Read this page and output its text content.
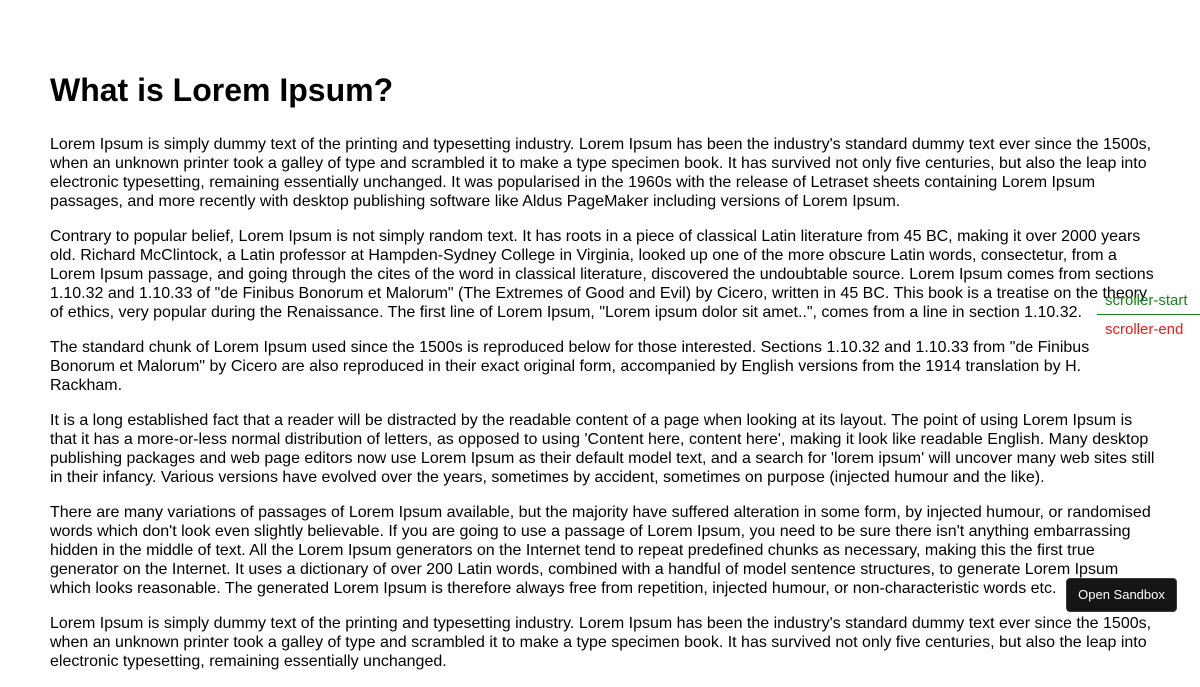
What is Lorem Ipsum?

Lorem Ipsum is simply dummy text of the printing and typesetting industry. Lorem Ipsum has been the industry's standard dummy text ever since the 1500s, when an unknown printer took a galley of type and scrambled it to make a type specimen book. It has survived not only five centuries, but also the leap into electronic typesetting, remaining essentially unchanged. It was popularised in the 1960s with the release of Letraset sheets containing Lorem Ipsum passages, and more recently with desktop publishing software like Aldus PageMaker including versions of Lorem Ipsum.

Contrary to popular belief, Lorem Ipsum is not simply random text. It has roots in a piece of classical Latin literature from 45 BC, making it over 2000 years old. Richard McClintock, a Latin professor at Hampden-Sydney College in Virginia, looked up one of the more obscure Latin words, consectetur, from a Lorem Ipsum passage, and going through the cites of the word in classical literature, discovered the undoubtable source. Lorem Ipsum comes from sections 1.10.32 and 1.10.33 of "de Finibus Bonorum et Malorum" (The Extremes of Good and Evil) by Cicero, written in 45 BC. This book is a treatise on the theory of ethics, very popular during the Renaissance. The first line of Lorem Ipsum, "Lorem ipsum dolor sit amet..", comes from a line in section 1.10.32.

The standard chunk of Lorem Ipsum used since the 1500s is reproduced below for those interested. Sections 1.10.32 and 1.10.33 from "de Finibus Bonorum et Malorum" by Cicero are also reproduced in their exact original form, accompanied by English versions from the 1914 translation by H. Rackham.

It is a long established fact that a reader will be distracted by the readable content of a page when looking at its layout. The point of using Lorem Ipsum is that it has a more-or-less normal distribution of letters, as opposed to using 'Content here, content here', making it look like readable English. Many desktop publishing packages and web page editors now use Lorem Ipsum as their default model text, and a search for 'lorem ipsum' will uncover many web sites still in their infancy. Various versions have evolved over the years, sometimes by accident, sometimes on purpose (injected humour and the like).

There are many variations of passages of Lorem Ipsum available, but the majority have suffered alteration in some form, by injected humour, or randomised words which don't look even slightly believable. If you are going to use a passage of Lorem Ipsum, you need to be sure there isn't anything embarrassing hidden in the middle of text. All the Lorem Ipsum generators on the Internet tend to repeat predefined chunks as necessary, making this the first true generator on the Internet. It uses a dictionary of over 200 Latin words, combined with a handful of model sentence structures, to generate Lorem Ipsum which looks reasonable. The generated Lorem Ipsum is therefore always free from repetition, injected humour, or non-characteristic words etc.

Lorem Ipsum is simply dummy text of the printing and typesetting industry. Lorem Ipsum has been the industry's standard dummy text ever since the 1500s, when an unknown printer took a galley of type and scrambled it to make a type specimen book. It has survived not only five centuries, but also the leap into electronic typesetting, remaining essentially unchanged.

scroller-start
scroller-end
Open Sandbox
